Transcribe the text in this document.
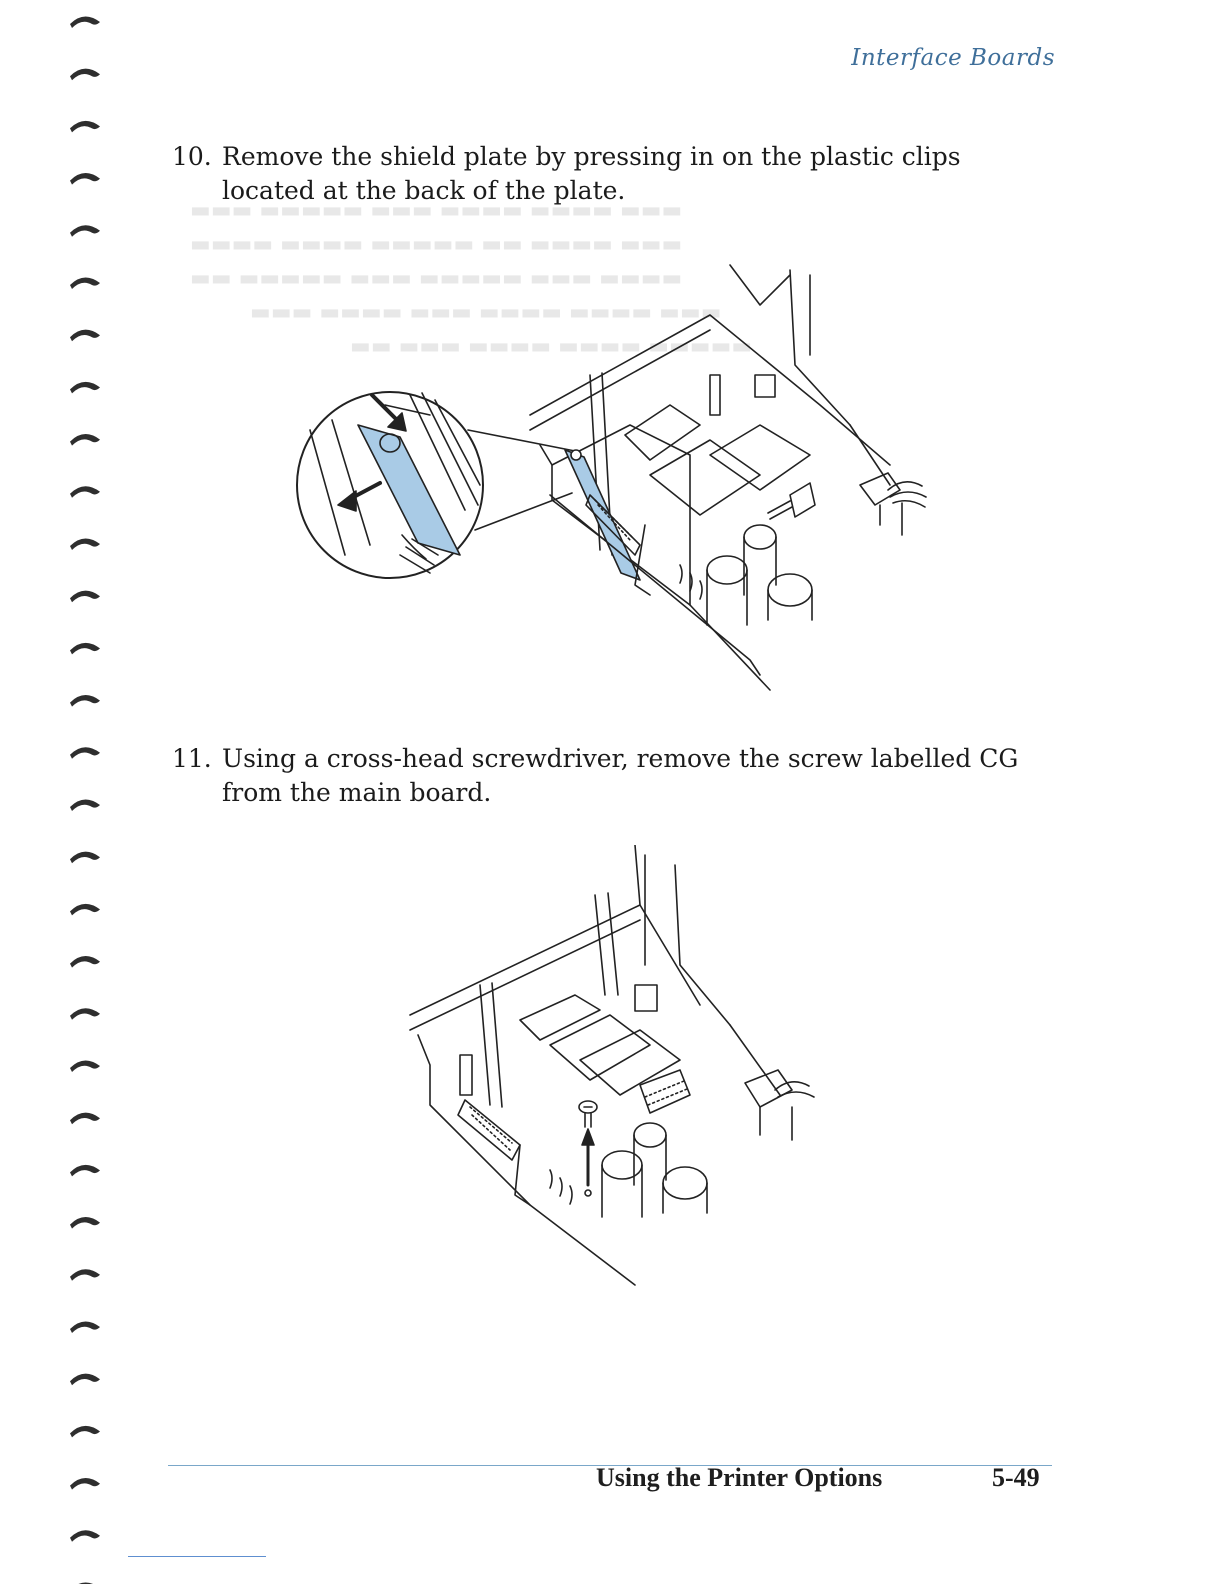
▬▬▬ ▬▬▬▬ ▬▬▬▬ ▬▬▬ ▬▬▬▬▬ ▬▬▬
▬▬▬ ▬▬▬▬ ▬▬ ▬▬▬▬▬ ▬▬▬▬ ▬▬▬▬
▬▬▬▬ ▬▬▬ ▬▬▬▬▬ ▬▬▬ ▬▬▬▬▬ ▬▬
▬▬▬ ▬▬▬▬ ▬▬▬▬ ▬▬▬ ▬▬▬▬ ▬▬▬
▬▬▬▬▬ ▬▬▬▬ ▬▬▬▬ ▬▬▬ ▬▬
Interface Boards
10. Remove the shield plate by pressing in on the plastic clips located at the back of the plate.
11. Using a cross-head screwdriver, remove the screw labelled CG from the main board.
Using the Printer Options	5-49
